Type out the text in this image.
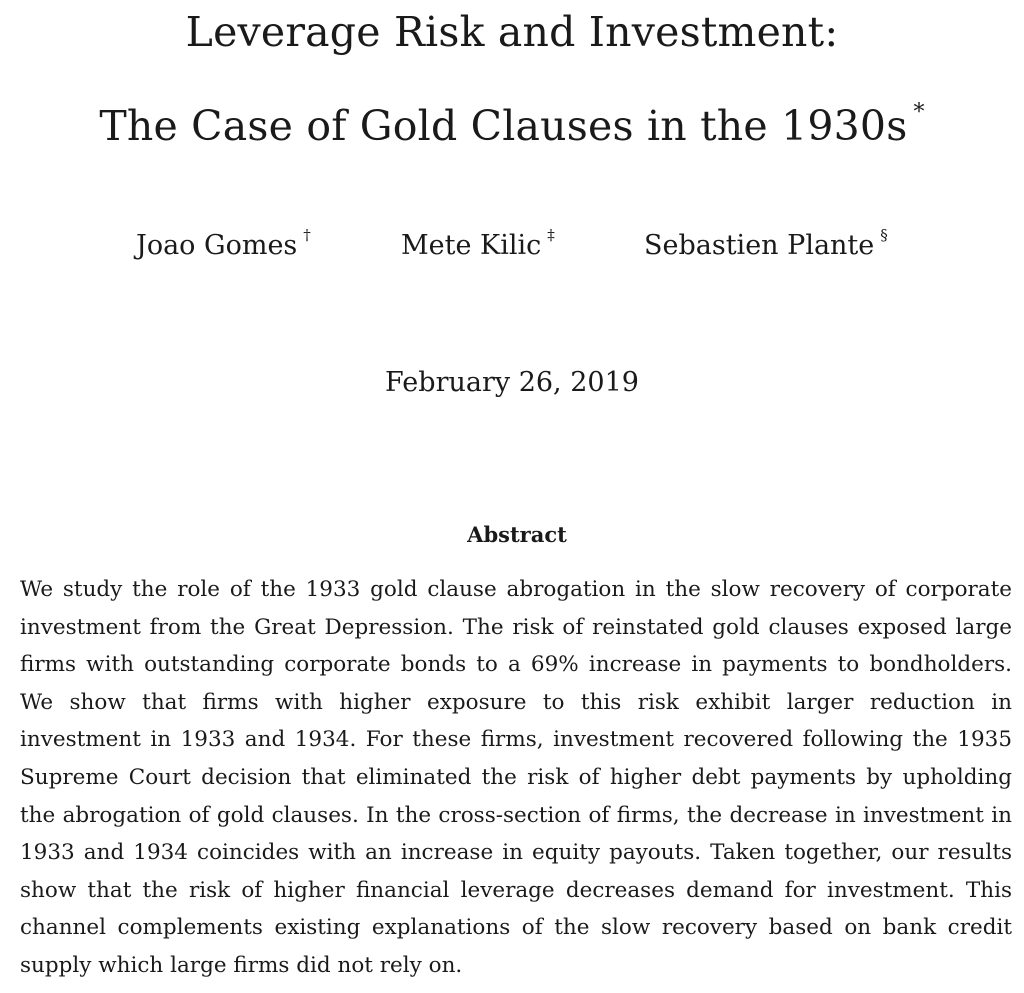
Leverage Risk and Investment:
The Case of Gold Clauses in the 1930s *
Joao Gomes †	Mete Kilic ‡	Sebastien Plante §
February 26, 2019
Abstract
We study the role of the 1933 gold clause abrogation in the slow recovery of corporate investment from the Great Depression. The risk of reinstated gold clauses exposed large firms with outstanding corporate bonds to a 69% increase in payments to bondholders. We show that firms with higher exposure to this risk exhibit larger reduction in investment in 1933 and 1934. For these firms, investment recovered following the 1935 Supreme Court decision that eliminated the risk of higher debt payments by upholding the abrogation of gold clauses. In the cross-section of firms, the decrease in investment in 1933 and 1934 coincides with an increase in equity payouts. Taken together, our results show that the risk of higher financial leverage decreases demand for investment. This channel complements existing explanations of the slow recovery based on bank credit supply which large firms did not rely on.
